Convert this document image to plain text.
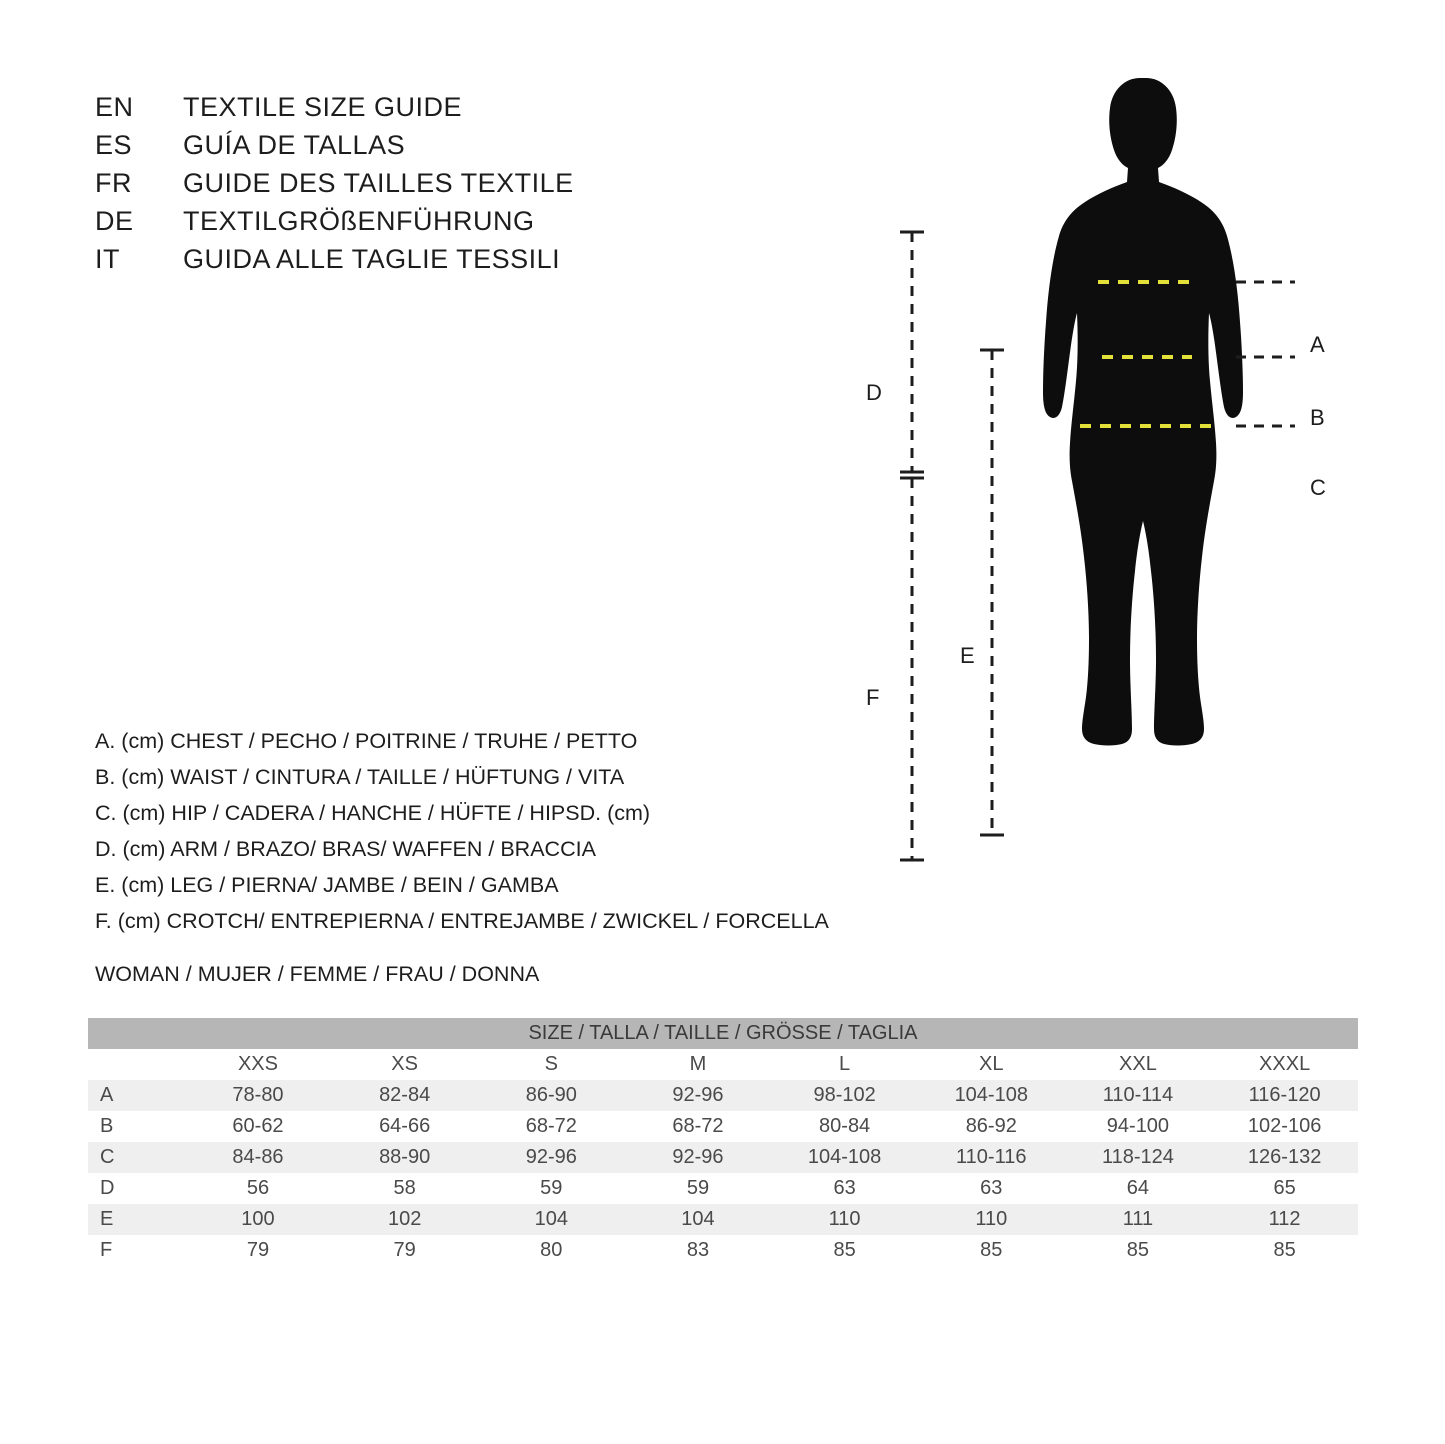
EN	TEXTILE SIZE GUIDE
ES	GUÍA DE TALLAS
FR	GUIDE DES TAILLES TEXTILE
DE	TEXTILGRÖßENFÜHRUNG
IT	GUIDA ALLE TAGLIE TESSILI
A. (cm) CHEST / PECHO / POITRINE / TRUHE / PETTO
B. (cm) WAIST / CINTURA / TAILLE / HÜFTUNG / VITA
C. (cm) HIP / CADERA / HANCHE / HÜFTE / HIPSD. (cm)
D. (cm) ARM / BRAZO/ BRAS/ WAFFEN / BRACCIA
E. (cm) LEG / PIERNA/ JAMBE / BEIN / GAMBA
F. (cm) CROTCH/ ENTREPIERNA / ENTREJAMBE / ZWICKEL / FORCELLA
WOMAN / MUJER / FEMME / FRAU / DONNA
A
B
C
D
E
F
SIZE / TALLA / TAILLE / GRÖSSE / TAGLIA								
	XXS	XS	S	M	L	XL	XXL	XXXL
A	78-80	82-84	86-90	92-96	98-102	104-108	110-114	116-120
B	60-62	64-66	68-72	68-72	80-84	86-92	94-100	102-106
C	84-86	88-90	92-96	92-96	104-108	110-116	118-124	126-132
D	56	58	59	59	63	63	64	65
E	100	102	104	104	110	110	111	112
F	79	79	80	83	85	85	85	85
